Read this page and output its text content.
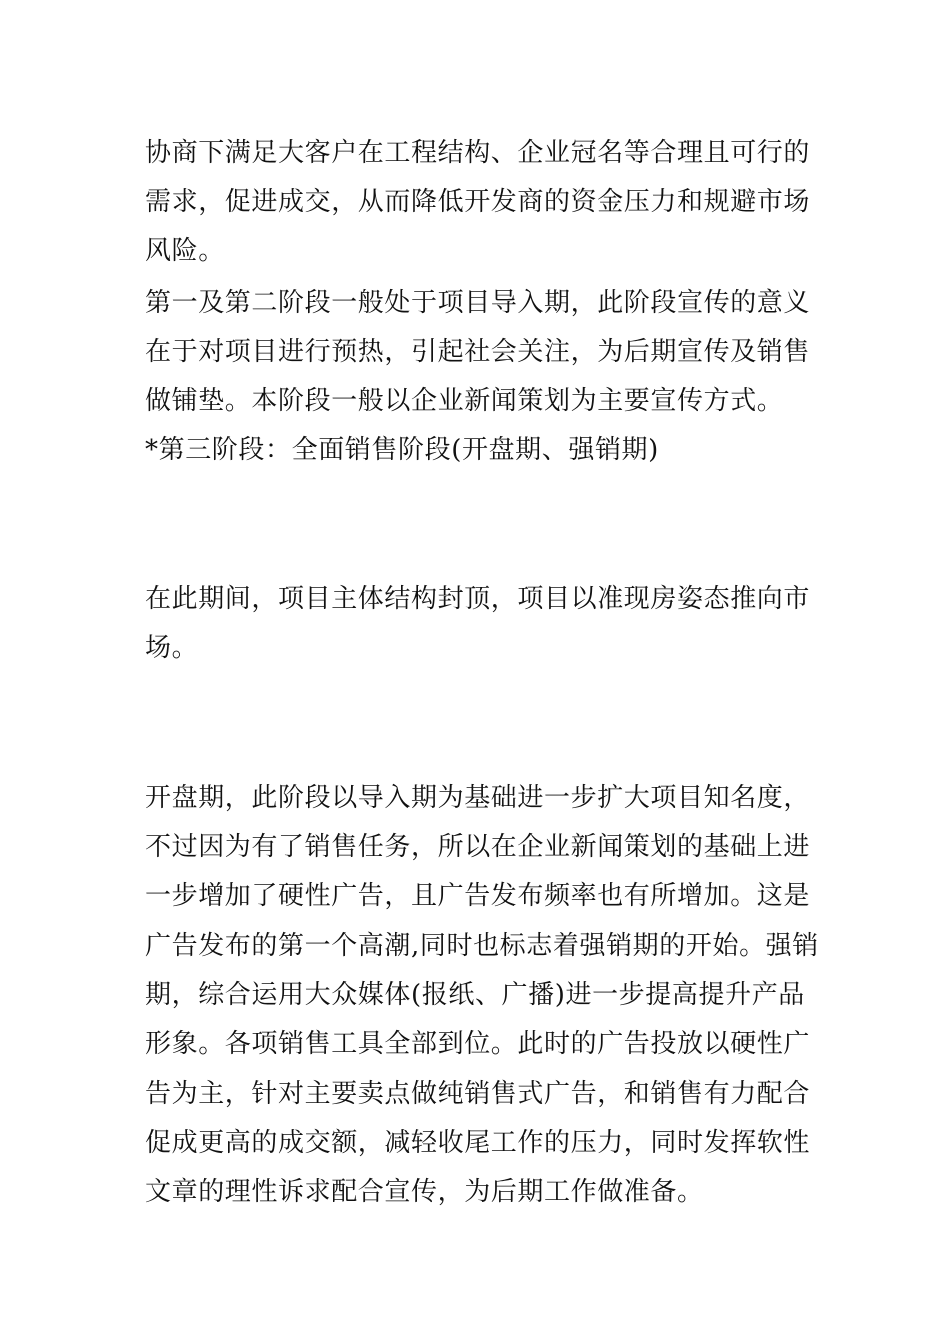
协商下满足大客户在工程结构、企业冠名等合理且可行的
需求，促进成交，从而降低开发商的资金压力和规避市场
风险。
第一及第二阶段一般处于项目导入期，此阶段宣传的意义
在于对项目进行预热，引起社会关注，为后期宣传及销售
做铺垫。本阶段一般以企业新闻策划为主要宣传方式。
*第三阶段：全面销售阶段(开盘期、强销期)
在此期间，项目主体结构封顶，项目以准现房姿态推向市
场。
开盘期，此阶段以导入期为基础进一步扩大项目知名度，
不过因为有了销售任务，所以在企业新闻策划的基础上进
一步增加了硬性广告，且广告发布频率也有所增加。这是
广告发布的第一个高潮,同时也标志着强销期的开始。强销
期，综合运用大众媒体(报纸、广播)进一步提高提升产品
形象。各项销售工具全部到位。此时的广告投放以硬性广
告为主，针对主要卖点做纯销售式广告，和销售有力配合
促成更高的成交额，减轻收尾工作的压力，同时发挥软性
文章的理性诉求配合宣传，为后期工作做准备。
